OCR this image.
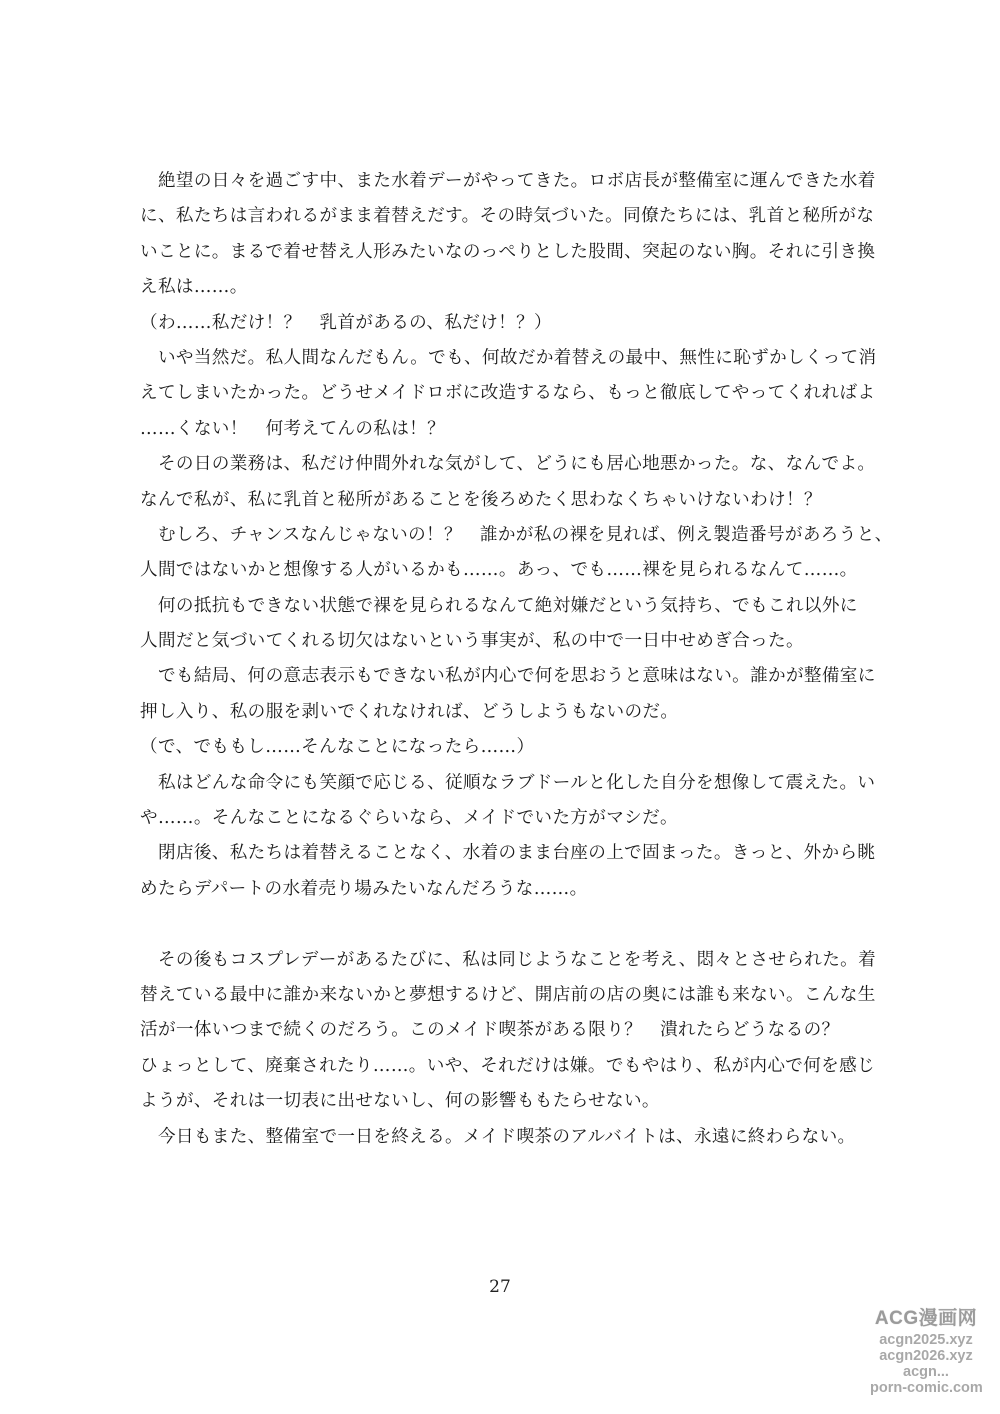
　絶望の日々を過ごす中、また水着デーがやってきた。ロボ店長が整備室に運んできた水着
に、私たちは言われるがまま着替えだす。その時気づいた。同僚たちには、乳首と秘所がな
いことに。まるで着せ替え人形みたいなのっぺりとした股間、突起のない胸。それに引き換
え私は……。
（わ……私だけ！？　乳首があるの、私だけ！？）
　いや当然だ。私人間なんだもん。でも、何故だか着替えの最中、無性に恥ずかしくって消
えてしまいたかった。どうせメイドロボに改造するなら、もっと徹底してやってくれればよ
……くない！　何考えてんの私は！？
　その日の業務は、私だけ仲間外れな気がして、どうにも居心地悪かった。な、なんでよ。
なんで私が、私に乳首と秘所があることを後ろめたく思わなくちゃいけないわけ！？
　むしろ、チャンスなんじゃないの！？　誰かが私の裸を見れば、例え製造番号があろうと、
人間ではないかと想像する人がいるかも……。あっ、でも……裸を見られるなんて……。
　何の抵抗もできない状態で裸を見られるなんて絶対嫌だという気持ち、でもこれ以外に
人間だと気づいてくれる切欠はないという事実が、私の中で一日中せめぎ合った。
　でも結局、何の意志表示もできない私が内心で何を思おうと意味はない。誰かが整備室に
押し入り、私の服を剥いでくれなければ、どうしようもないのだ。
（で、でももし……そんなことになったら……）
　私はどんな命令にも笑顔で応じる、従順なラブドールと化した自分を想像して震えた。い
や……。そんなことになるぐらいなら、メイドでいた方がマシだ。
　閉店後、私たちは着替えることなく、水着のまま台座の上で固まった。きっと、外から眺
めたらデパートの水着売り場みたいなんだろうな……。
　その後もコスプレデーがあるたびに、私は同じようなことを考え、悶々とさせられた。着
替えている最中に誰か来ないかと夢想するけど、開店前の店の奥には誰も来ない。こんな生
活が一体いつまで続くのだろう。このメイド喫茶がある限り？　潰れたらどうなるの？
ひょっとして、廃棄されたり……。いや、それだけは嫌。でもやはり、私が内心で何を感じ
ようが、それは一切表に出せないし、何の影響ももたらせない。
　今日もまた、整備室で一日を終える。メイド喫茶のアルバイトは、永遠に終わらない。
27
ACG漫画网
acgn2025.xyz
acgn2026.xyz
acgn...
porn-comic.com
